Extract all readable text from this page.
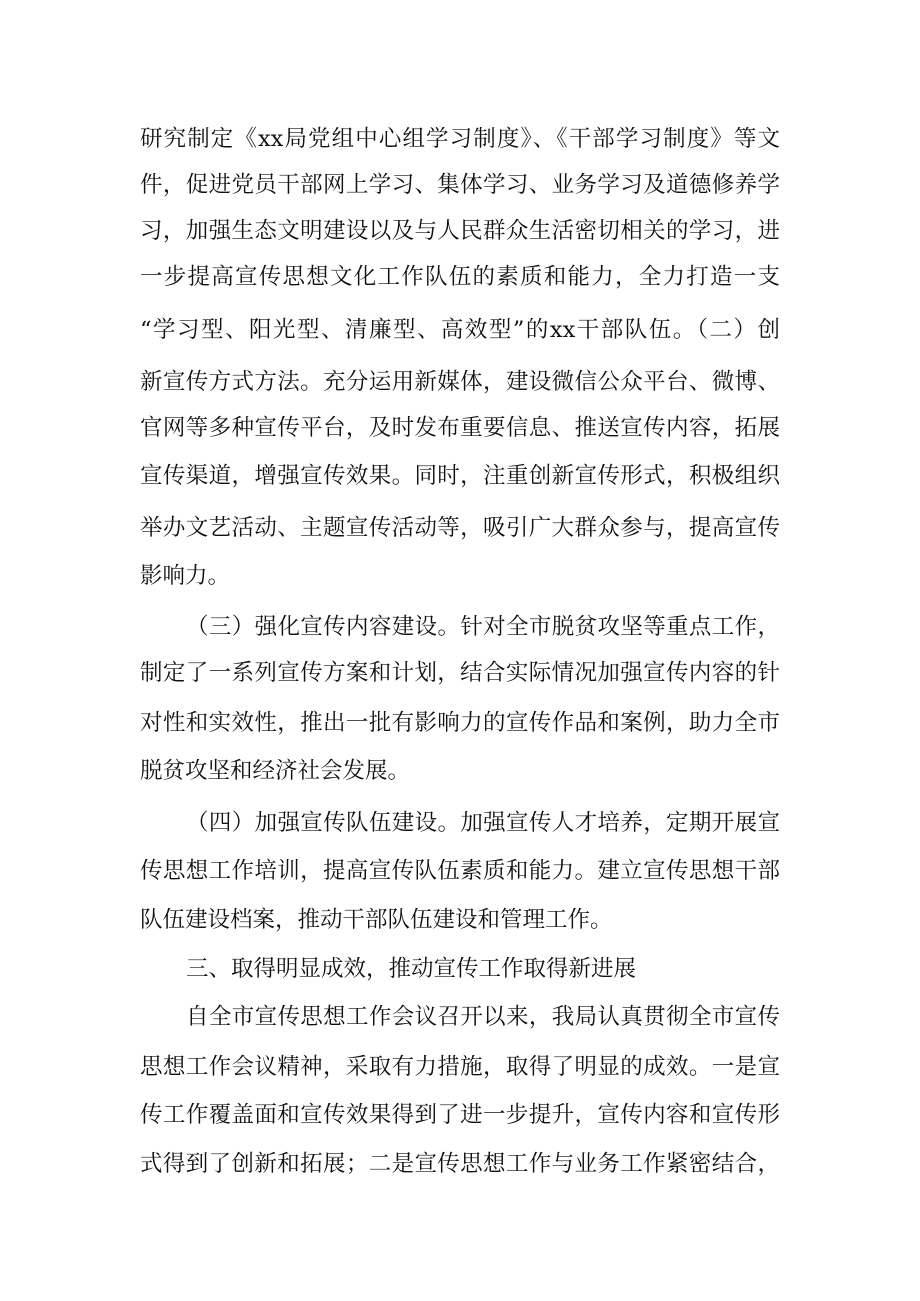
研究制定《xx局党组中心组学习制度》、《干部学习制度》等文
件，促进党员干部网上学习、集体学习、业务学习及道德修养学
习，加强生态文明建设以及与人民群众生活密切相关的学习，进
一步提高宣传思想文化工作队伍的素质和能力，全力打造一支
“学习型、阳光型、清廉型、高效型”的xx干部队伍。（二）创
新宣传方式方法。充分运用新媒体，建设微信公众平台、微博、
官网等多种宣传平台，及时发布重要信息、推送宣传内容，拓展
宣传渠道，增强宣传效果。同时，注重创新宣传形式，积极组织
举办文艺活动、主题宣传活动等，吸引广大群众参与，提高宣传
影响力。
（三）强化宣传内容建设。针对全市脱贫攻坚等重点工作，
制定了一系列宣传方案和计划，结合实际情况加强宣传内容的针
对性和实效性，推出一批有影响力的宣传作品和案例，助力全市
脱贫攻坚和经济社会发展。
（四）加强宣传队伍建设。加强宣传人才培养，定期开展宣
传思想工作培训，提高宣传队伍素质和能力。建立宣传思想干部
队伍建设档案，推动干部队伍建设和管理工作。
三、取得明显成效，推动宣传工作取得新进展
自全市宣传思想工作会议召开以来，我局认真贯彻全市宣传
思想工作会议精神，采取有力措施，取得了明显的成效。一是宣
传工作覆盖面和宣传效果得到了进一步提升，宣传内容和宣传形
式得到了创新和拓展；二是宣传思想工作与业务工作紧密结合，
